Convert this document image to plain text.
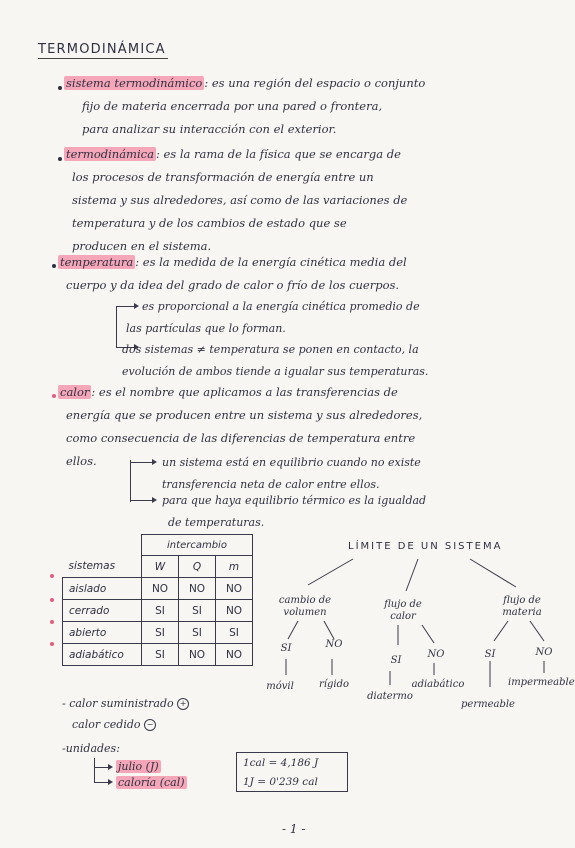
TERMODINÁMICA
sistema termodinámico : es una región del espacio o conjunto
fijo de materia encerrada por una pared o frontera,
para analizar su interacción con el exterior.
termodinámica : es la rama de la física que se encarga de
los procesos de transformación de energía entre un
sistema y sus alrededores, así como de las variaciones de
temperatura y de los cambios de estado que se
producen en el sistema.
temperatura : es la medida de la energía cinética media del
cuerpo y da idea del grado de calor o frío de los cuerpos.
es proporcional a la energía cinética promedio de
las partículas que lo forman.
dos sistemas ≠ temperatura se ponen en contacto, la
evolución de ambos tiende a igualar sus temperaturas.
calor : es el nombre que aplicamos a las transferencias de
energía que se producen entre un sistema y sus alrededores,
como consecuencia de las diferencias de temperatura entre
ellos.	un sistema está en equilibrio cuando no existe
transferencia neta de calor entre ellos.
para que haya equilibrio térmico es la igualdad
de temperaturas.
	intercambio		
sistemas	W	Q	m
aislado	NO	NO	NO
cerrado	SI	SI	NO
abierto	SI	SI	SI
adiabático	SI	NO	NO
LÍMITE DE UN SISTEMA
cambio de volumen
flujo de calor
flujo de materia
SI	NO
SI
NO	SI	NO
móvil	rígido
diatermo
adiabático
permeable
impermeable
- calor suministrado +
calor cedido −
-unidades:
julio (J)
caloría (cal)
1cal = 4,186 J
1J = 0'239 cal
- 1 -
